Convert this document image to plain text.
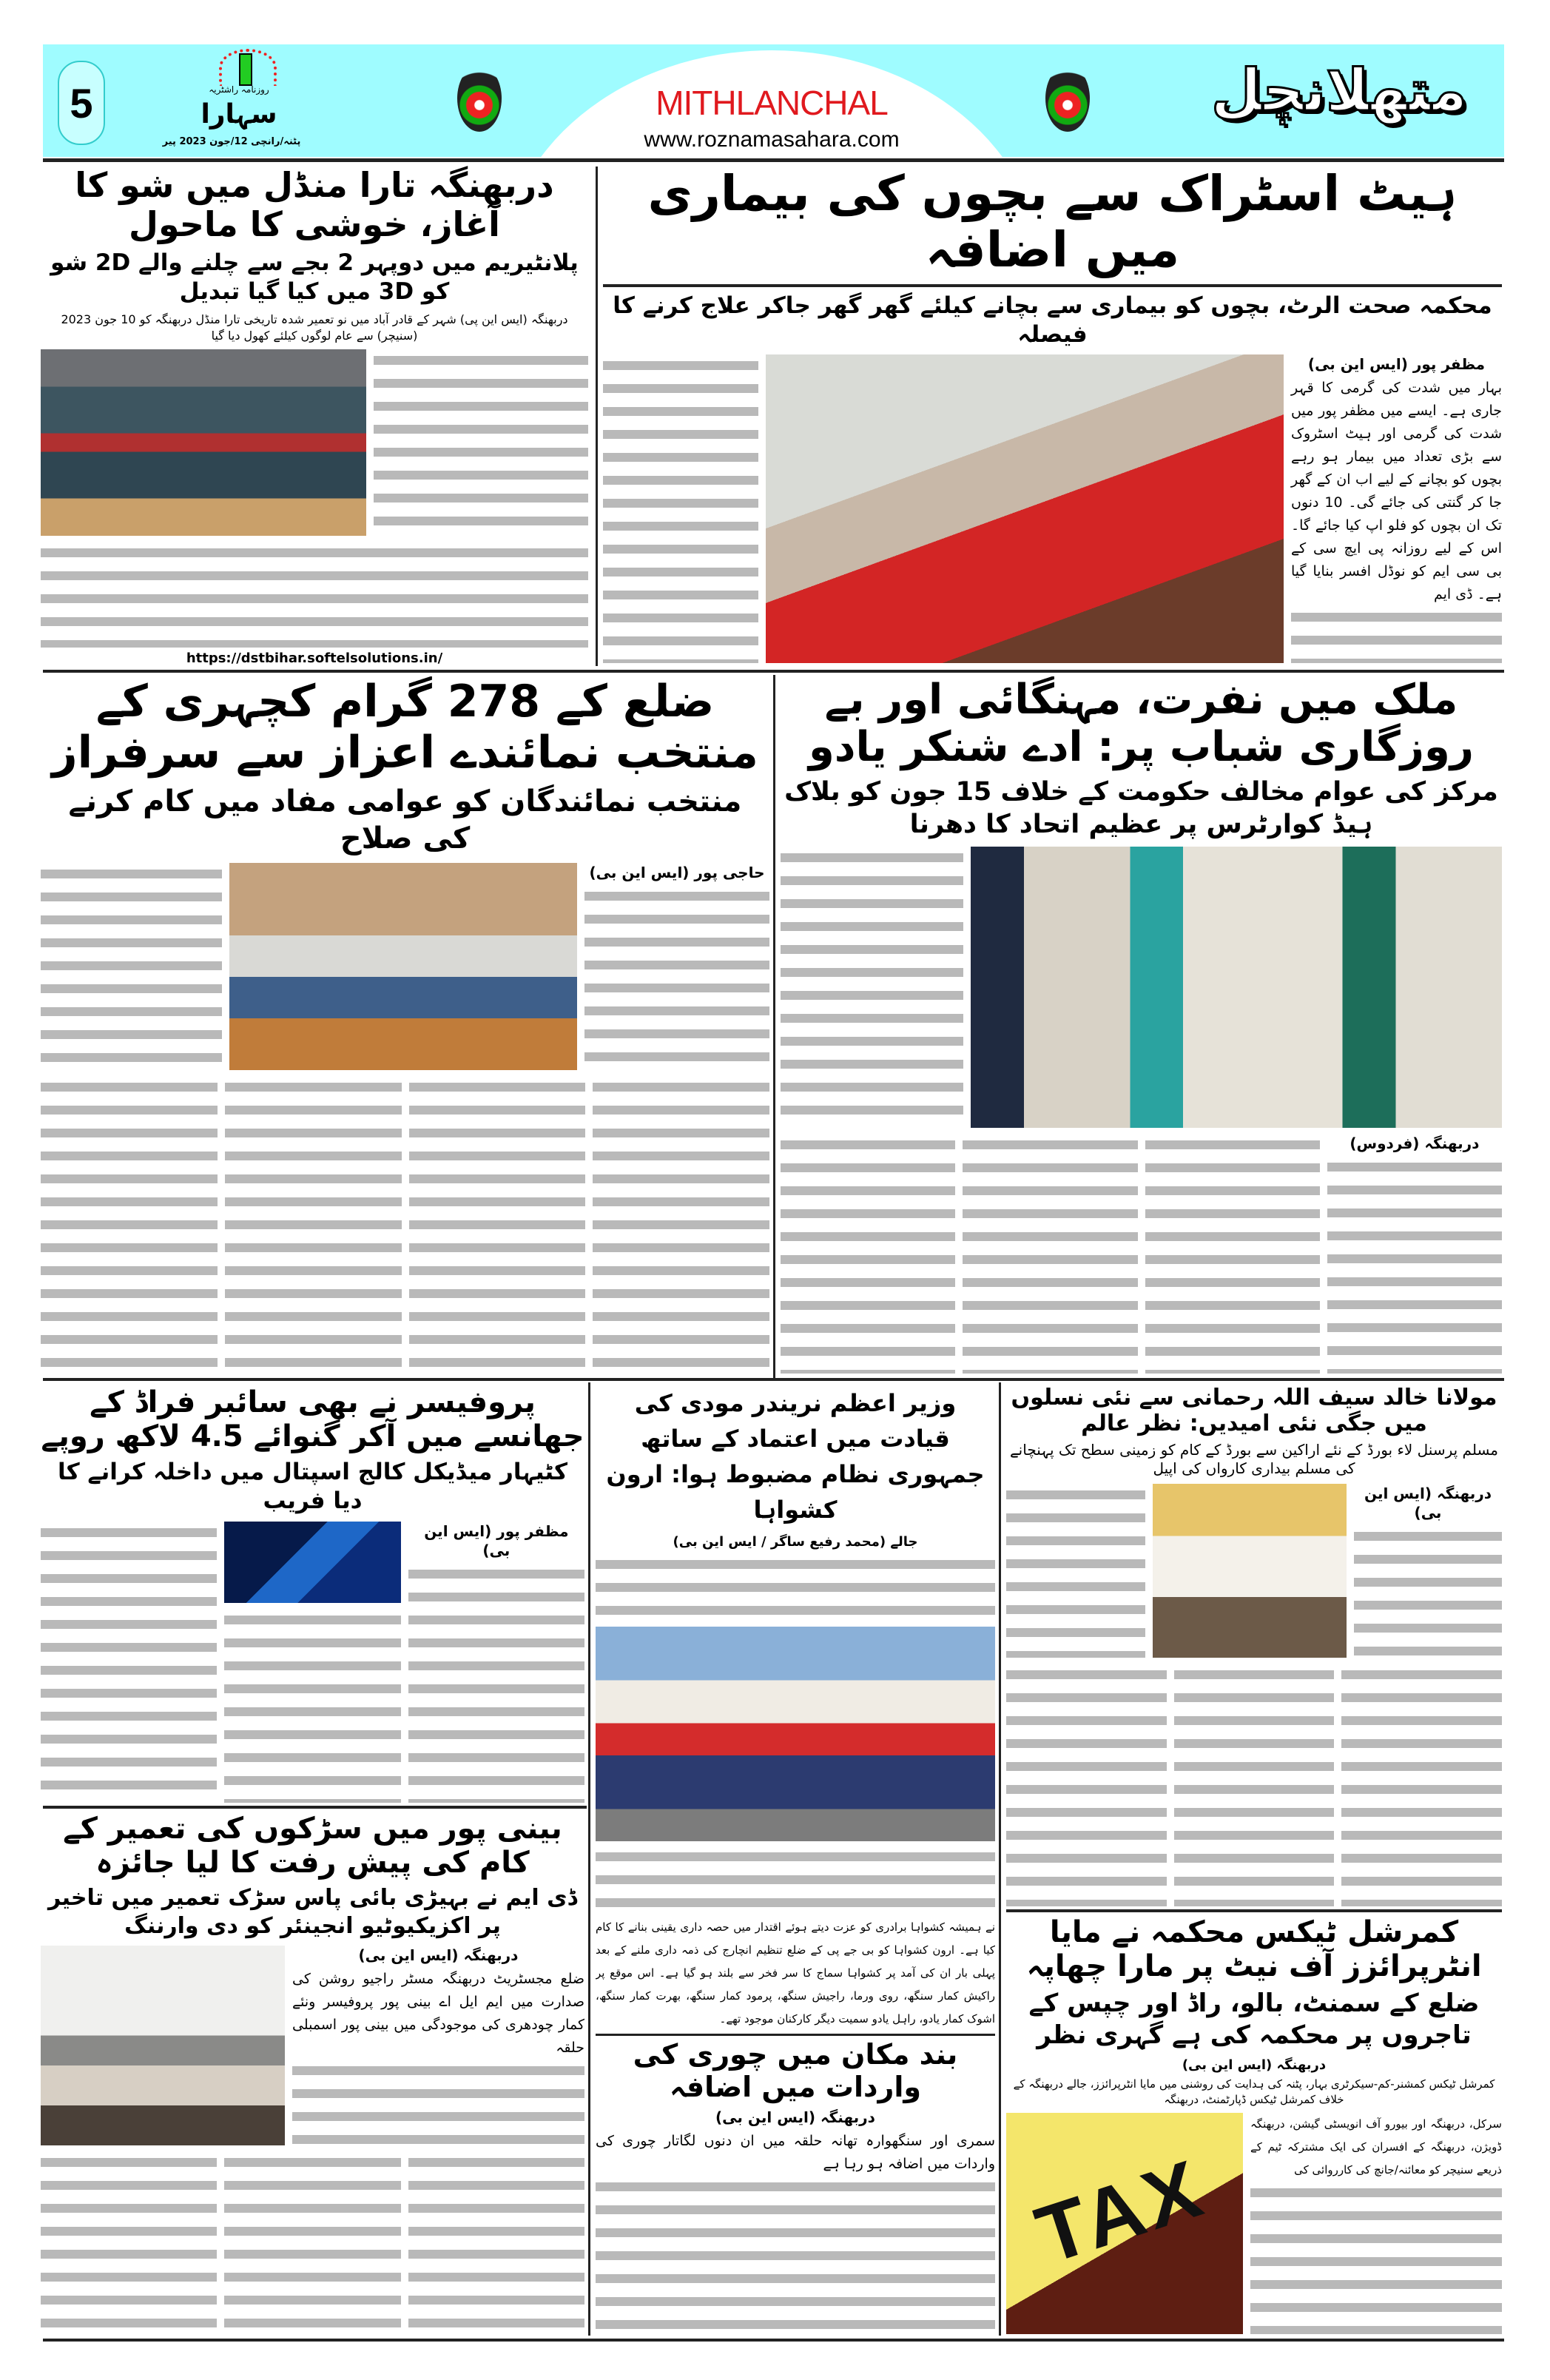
5	روزنامہ راشٹریہ
سہارا
پٹنہ/رانچی 12/جون 2023 پیر
MITHLANCHAL
www.roznamasahara.com
متھلانچل
ہیٹ اسٹراک سے بچوں کی بیماری میں اضافہ
محکمہ صحت الرٹ، بچوں کو بیماری سے بچانے کیلئے گھر گھر جاکر علاج کرنے کا فیصلہ
مظفر پور (ایس این بی)

بہار میں شدت کی گرمی کا قہر جاری ہے۔ ایسے میں مظفر پور میں شدت کی گرمی اور ہیٹ اسٹروک سے بڑی تعداد میں بیمار ہو رہے بچوں کو بچانے کے لیے اب ان کے گھر جا کر گنتی کی جائے گی۔ 10 دنوں تک ان بچوں کو فلو اپ کیا جائے گا۔ اس کے لیے روزانہ پی ایچ سی کے بی سی ایم کو نوڈل افسر بنایا گیا ہے۔ ڈی ایم

دربھنگہ تارا منڈل میں شو کا آغاز، خوشی کا ماحول
پلانٹیریم میں دوپہر 2 بجے سے چلنے والے 2D شو کو 3D میں کیا گیا تبدیل
دربھنگہ (ایس این پی) شہر کے قادر آباد میں نو تعمیر شدہ تاریخی تارا منڈل دربھنگہ کو 10 جون 2023 (سنیچر) سے عام لوگوں کیلئے کھول دیا گیا
https://dstbihar.softelsolutions.in/
ملک میں نفرت، مہنگائی اور بے روزگاری شباب پر: ادے شنکر یادو
مرکز کی عوام مخالف حکومت کے خلاف 15 جون کو بلاک ہیڈ کوارٹرس پر عظیم اتحاد کا دھرنا
دربھنگہ (فردوس)
ضلع کے 278 گرام کچہری کے منتخب نمائندے اعزاز سے سرفراز
منتخب نمائندگان کو عوامی مفاد میں کام کرنے کی صلاح
حاجی پور (ایس این بی)
پروفیسر نے بھی سائبر فراڈ کے جھانسے میں آکر گنوائے 4.5 لاکھ روپے
کٹیہار میڈیکل کالج اسپتال میں داخلہ کرانے کا دیا فریب
مظفر پور (ایس این بی)
بینی پور میں سڑکوں کی تعمیر کے کام کی پیش رفت کا لیا جائزہ
ڈی ایم نے بہیڑی بائی پاس سڑک تعمیر میں تاخیر پر اکزیکیوٹیو انجینئر کو دی وارننگ
دربھنگہ (ایس این بی)

ضلع مجسٹریٹ دربھنگہ مسٹر راجیو روشن کی صدارت میں ایم ایل اے بینی پور پروفیسر ونئے کمار چودھری کی موجودگی میں بینی پور اسمبلی حلقہ

وزیر اعظم نریندر مودی کی قیادت میں اعتماد کے ساتھ جمہوری نظام مضبوط ہوا: ارون کشواہا
جالے (محمد رفیع ساگر / ایس این بی)

نے ہمیشہ کشواہا برادری کو عزت دیتے ہوئے اقتدار میں حصہ داری یقینی بنانے کا کام کیا ہے۔ ارون کشواہا کو بی جے پی کے ضلع تنظیم انچارج کی ذمہ داری ملنے کے بعد پہلی بار ان کی آمد پر کشواہا سماج کا سر فخر سے بلند ہو گیا ہے۔ اس موقع پر راکیش کمار سنگھ، روی ورما، راجیش سنگھ، پرمود کمار سنگھ، بھرت کمار سنگھ، اشوک کمار یادو، راہل یادو سمیت دیگر کارکنان موجود تھے۔

بند مکان میں چوری کی واردات میں اضافہ
دربھنگہ (ایس این بی)

سمری اور سنگھوارہ تھانہ حلقہ میں ان دنوں لگاتار چوری کی واردات میں اضافہ ہو رہا ہے

مولانا خالد سیف اللہ رحمانی سے نئی نسلوں میں جگی نئی امیدیں: نظر عالم
مسلم پرسنل لاء بورڈ کے نئے اراکین سے بورڈ کے کام کو زمینی سطح تک پہنچانے کی مسلم بیداری کارواں کی اپیل
دربھنگہ (ایس این بی)
کمرشل ٹیکس محکمہ نے مایا انٹرپرائزز آف نیٹ پر مارا چھاپہ
ضلع کے سمنٹ، بالو، راڈ اور چپس کے تاجروں پر محکمہ کی ہے گہری نظر
دربھنگہ (ایس این بی)
کمرشل ٹیکس کمشنر-کم-سیکرٹری بہار، پٹنہ کی ہدایت کی روشنی میں مایا انٹرپرائزز، جالے دربھنگہ کے خلاف کمرشل ٹیکس ڈپارٹمنٹ، دربھنگہ

سرکل، دربھنگہ اور بیورو آف انویسٹی گیشن، دربھنگہ ڈویژن، دربھنگہ کے افسران کی ایک مشترکہ ٹیم کے ذریعے سنیچر کو معائنہ/جانچ کی کارروائی کی

TAX
